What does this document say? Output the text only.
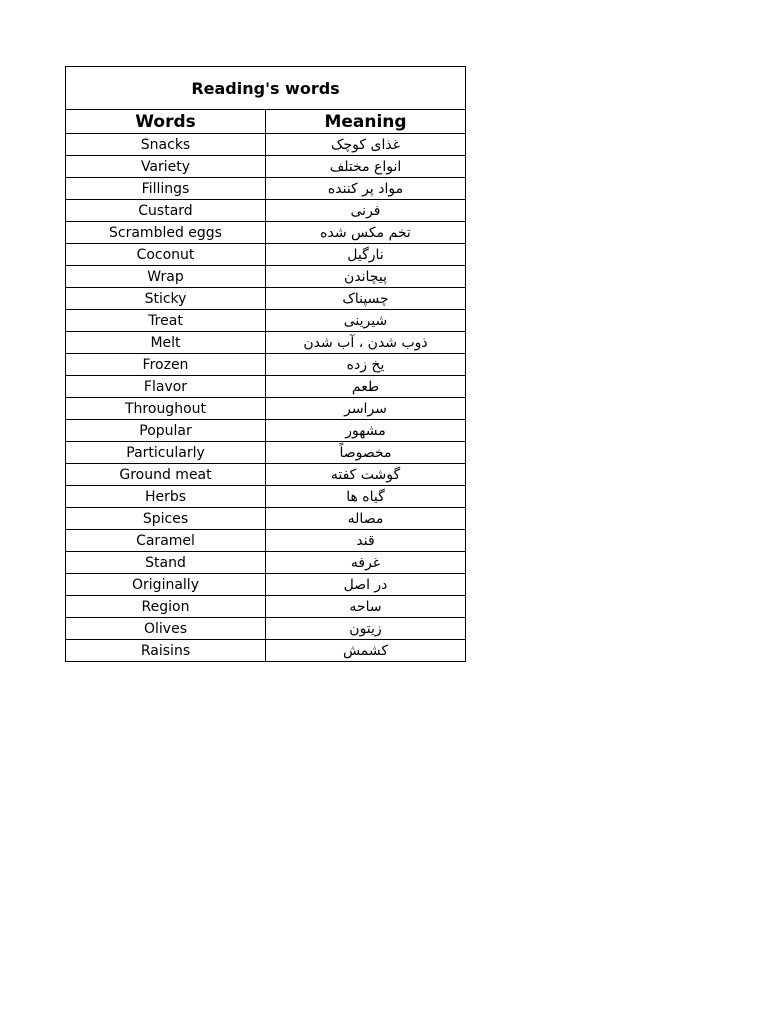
Reading's words	
Words	Meaning
Snacks	غذای کوچک
Variety	انواع مختلف
Fillings	مواد پر کننده
Custard	فرنی
Scrambled eggs	تخم مکس شده
Coconut	نارگیل
Wrap	پیچاندن
Sticky	چسپناک
Treat	شیرینی
Melt	ذوب شدن ، آب شدن
Frozen	یخ زده
Flavor	طعم
Throughout	سراسر
Popular	مشهور
Particularly	مخصوصاً
Ground meat	گوشت کفته
Herbs	گیاه ها
Spices	مصاله
Caramel	قند
Stand	غرفه
Originally	در اصل
Region	ساحه
Olives	زیتون
Raisins	کشمش
